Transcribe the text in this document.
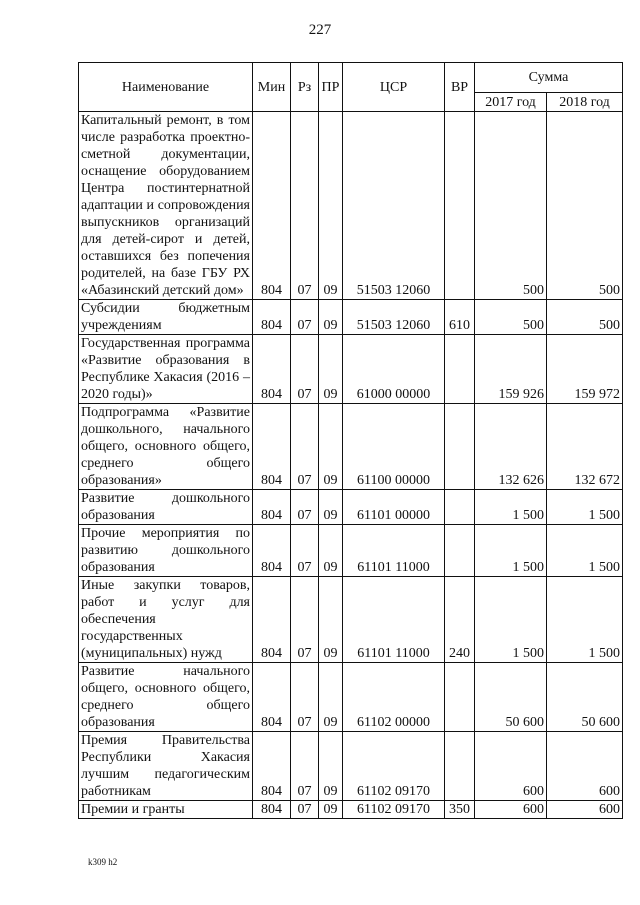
227
Наименование	Мин	Рз	ПР	ЦСР	ВР	Сумма	
						2017 год	2018 год
Капитальный ремонт, в том числе разработка проектно-сметной документации, оснащение оборудованием Центра постинтернатной адаптации и сопровождения выпускников организаций для детей-сирот и детей, оставшихся без попечения родителей, на базе ГБУ РХ «Абазинский детский дом»	804	07	09	51503 12060		500	500
Субсидии бюджетным учреждениям	804	07	09	51503 12060	610	500	500
Государственная программа «Развитие образования в Республике Хакасия (2016 – 2020 годы)»	804	07	09	61000 00000		159 926	159 972
Подпрограмма «Развитие дошкольного, начального общего, основного общего, среднего общего образования»	804	07	09	61100 00000		132 626	132 672
Развитие дошкольного образования	804	07	09	61101 00000		1 500	1 500
Прочие мероприятия по развитию дошкольного образования	804	07	09	61101 11000		1 500	1 500
Иные закупки товаров, работ и услуг для обеспечения государственных (муниципальных) нужд	804	07	09	61101 11000	240	1 500	1 500
Развитие начального общего, основного общего, среднего общего образования	804	07	09	61102 00000		50 600	50 600
Премия Правительства Республики Хакасия лучшим педагогическим работникам	804	07	09	61102 09170		600	600
Премии и гранты	804	07	09	61102 09170	350	600	600
k309 h2
